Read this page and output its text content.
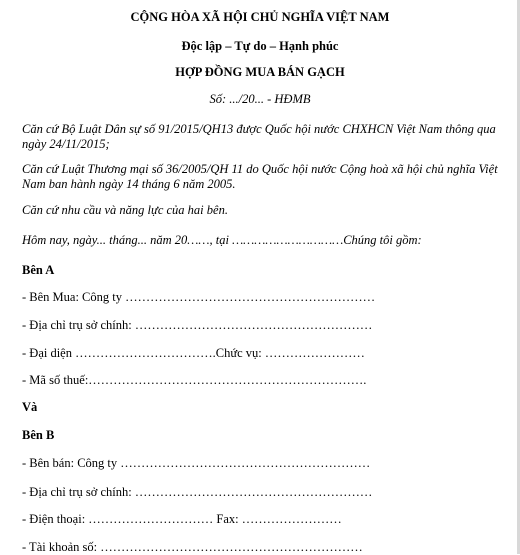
CỘNG HÒA XÃ HỘI CHỦ NGHĨA VIỆT NAM
Độc lập – Tự do – Hạnh phúc
HỢP ĐỒNG MUA BÁN GẠCH
Số: .../20... - HĐMB
Căn cứ Bộ Luật Dân sự số 91/2015/QH13 được Quốc hội nước CHXHCN Việt Nam thông qua ngày 24/11/2015;
Căn cứ Luật Thương mại số 36/2005/QH 11 do Quốc hội nước Cộng hoà xã hội chủ nghĩa Việt Nam ban hành ngày 14 tháng 6 năm 2005.
Căn cứ nhu cầu và năng lực của hai bên.
Hôm nay, ngày... tháng... năm 20……, tại …………………………Chúng tôi gồm:
Bên A
- Bên Mua: Công ty ……………………………………………………
- Địa chỉ trụ sở chính: …………………………………………………
- Đại diện …………………………….Chức vụ: ……………………
- Mã số thuế:………………………………………………………….
Và
Bên B
- Bên bán: Công ty ……………………………………………………
- Địa chỉ trụ sở chính: …………………………………………………
- Điện thoại: ………………………… Fax: ……………………
- Tài khoản số: ………………………………………………………
